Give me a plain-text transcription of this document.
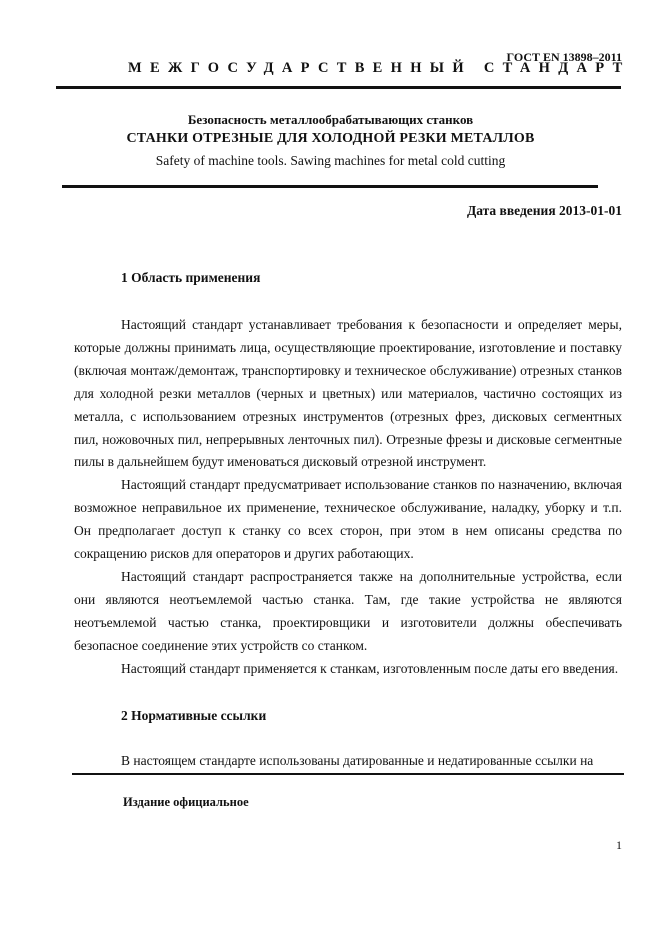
ГОСТ EN 13898–2011
МЕЖГОСУДАРСТВЕННЫЙ СТАНДАРТ
Безопасность металлообрабатывающих станков
СТАНКИ ОТРЕЗНЫЕ ДЛЯ ХОЛОДНОЙ РЕЗКИ МЕТАЛЛОВ
Safety of machine tools. Sawing machines for metal cold cutting
Дата введения 2013-01-01
1 Область применения

Настоящий стандарт устанавливает требования к безопасности и определяет меры, которые должны принимать лица, осуществляющие проектирование, изготовление и поставку (включая монтаж/демонтаж, транспортировку и техническое обслуживание) отрезных станков для холодной резки металлов (черных и цветных) или материалов, частично состоящих из металла, с использованием отрезных инструментов (отрезных фрез, дисковых сегментных пил, ножовочных пил, непрерывных ленточных пил). Отрезные фрезы и дисковые сегментные пилы в дальнейшем будут именоваться дисковый отрезной инструмент.

Настоящий стандарт предусматривает использование станков по назначению, включая возможное неправильное их применение, техническое обслуживание, наладку, уборку и т.п. Он предполагает доступ к станку со всех сторон, при этом в нем описаны средства по сокращению рисков для операторов и других работающих.

Настоящий стандарт распространяется также на дополнительные устройства, если они являются неотъемлемой частью станка. Там, где такие устройства не являются неотъемлемой частью станка, проектировщики и изготовители должны обеспечивать безопасное соединение этих устройств со станком.

Настоящий стандарт применяется к станкам, изготовленным после даты его введения.

2 Нормативные ссылки

В настоящем стандарте использованы датированные и недатированные ссылки на

Издание официальное
1
